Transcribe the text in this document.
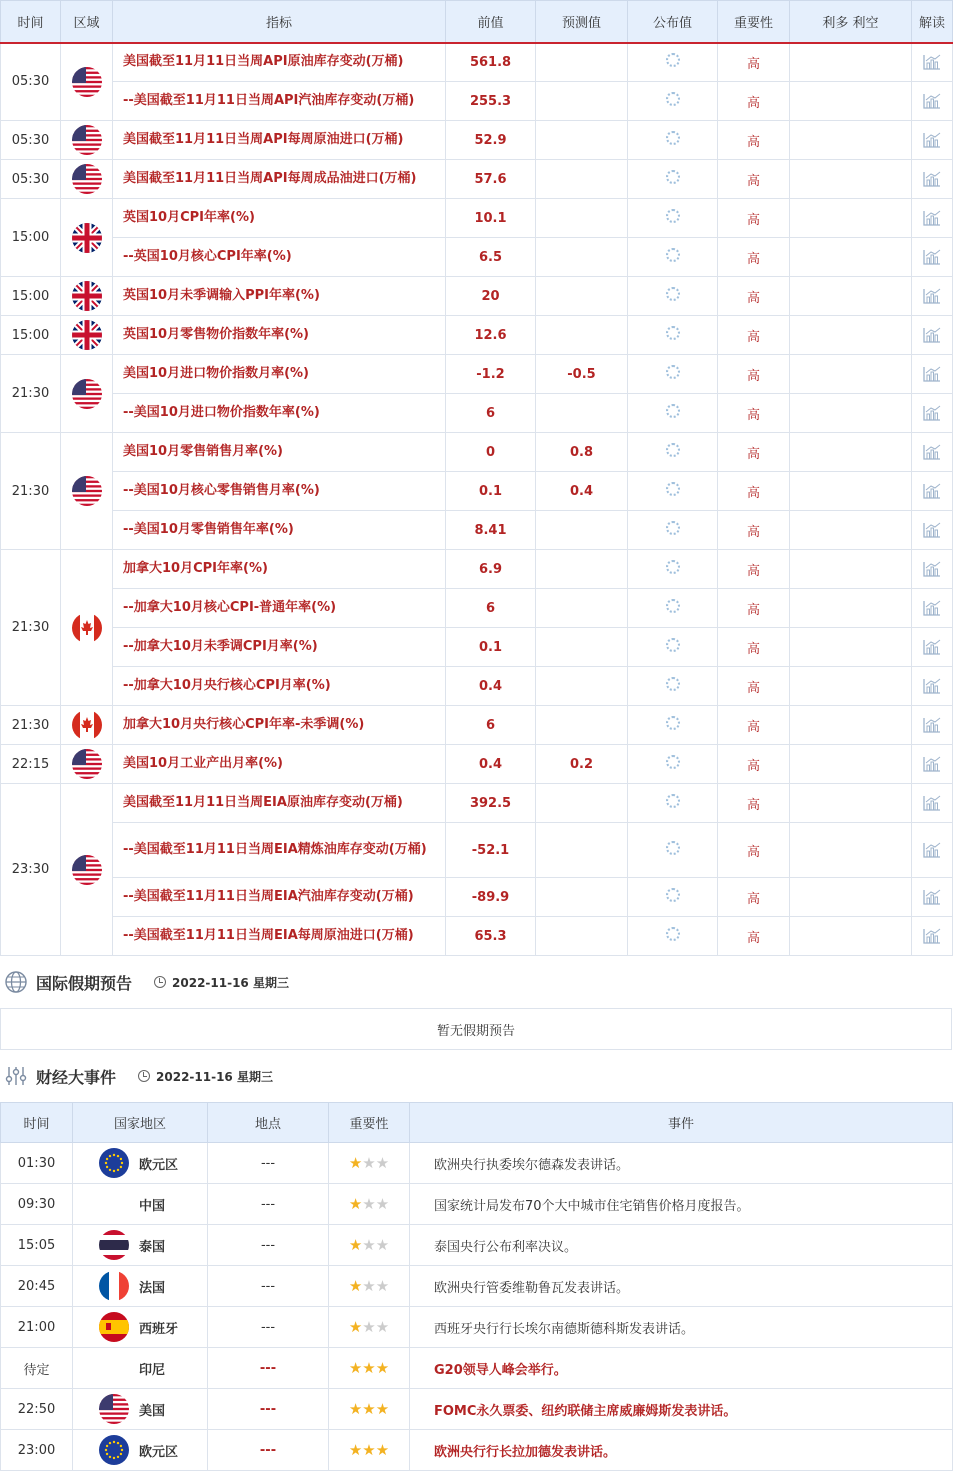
时间	区域	指标	前值	预测值	公布值	重要性	利多 利空	解读
05:30		美国截至11月11日当周API原油库存变动(万桶)	561.8			高		
		--美国截至11月11日当周API汽油库存变动(万桶)	255.3			高		
05:30		美国截至11月11日当周API每周原油进口(万桶)	52.9			高		
05:30		美国截至11月11日当周API每周成品油进口(万桶)	57.6			高		
15:00		英国10月CPI年率(%)	10.1			高		
		--英国10月核心CPI年率(%)	6.5			高		
15:00		英国10月未季调输入PPI年率(%)	20			高		
15:00		英国10月零售物价指数年率(%)	12.6			高		
21:30		美国10月进口物价指数月率(%)	-1.2	-0.5		高		
		--美国10月进口物价指数年率(%)	6			高		
21:30		美国10月零售销售月率(%)	0	0.8		高		
		--美国10月核心零售销售月率(%)	0.1	0.4		高		
		--美国10月零售销售年率(%)	8.41			高		
21:30		加拿大10月CPI年率(%)	6.9			高		
		--加拿大10月核心CPI-普通年率(%)	6			高		
		--加拿大10月未季调CPI月率(%)	0.1			高		
		--加拿大10月央行核心CPI月率(%)	0.4			高		
21:30		加拿大10月央行核心CPI年率-未季调(%)	6			高		
22:15		美国10月工业产出月率(%)	0.4	0.2		高		
23:30		美国截至11月11日当周EIA原油库存变动(万桶)	392.5			高		
		--美国截至11月11日当周EIA精炼油库存变动(万桶)	-52.1			高		
		--美国截至11月11日当周EIA汽油库存变动(万桶)	-89.9			高		
		--美国截至11月11日当周EIA每周原油进口(万桶)	65.3			高		
国际假期预告	2022-11-16 星期三
暂无假期预告
财经大事件	2022-11-16 星期三
时间	国家地区	地点	重要性	事件
01:30	欧元区	---	★★★	欧洲央行执委埃尔德森发表讲话。
09:30	中国	---	★★★	国家统计局发布70个大中城市住宅销售价格月度报告。
15:05	泰国	---	★★★	泰国央行公布利率决议。
20:45	法国	---	★★★	欧洲央行管委维勒鲁瓦发表讲话。
21:00	西班牙	---	★★★	西班牙央行行长埃尔南德斯德科斯发表讲话。
待定	印尼	---	★★★	G20领导人峰会举行。
22:50	美国	---	★★★	FOMC永久票委、纽约联储主席威廉姆斯发表讲话。
23:00	欧元区	---	★★★	欧洲央行行长拉加德发表讲话。
